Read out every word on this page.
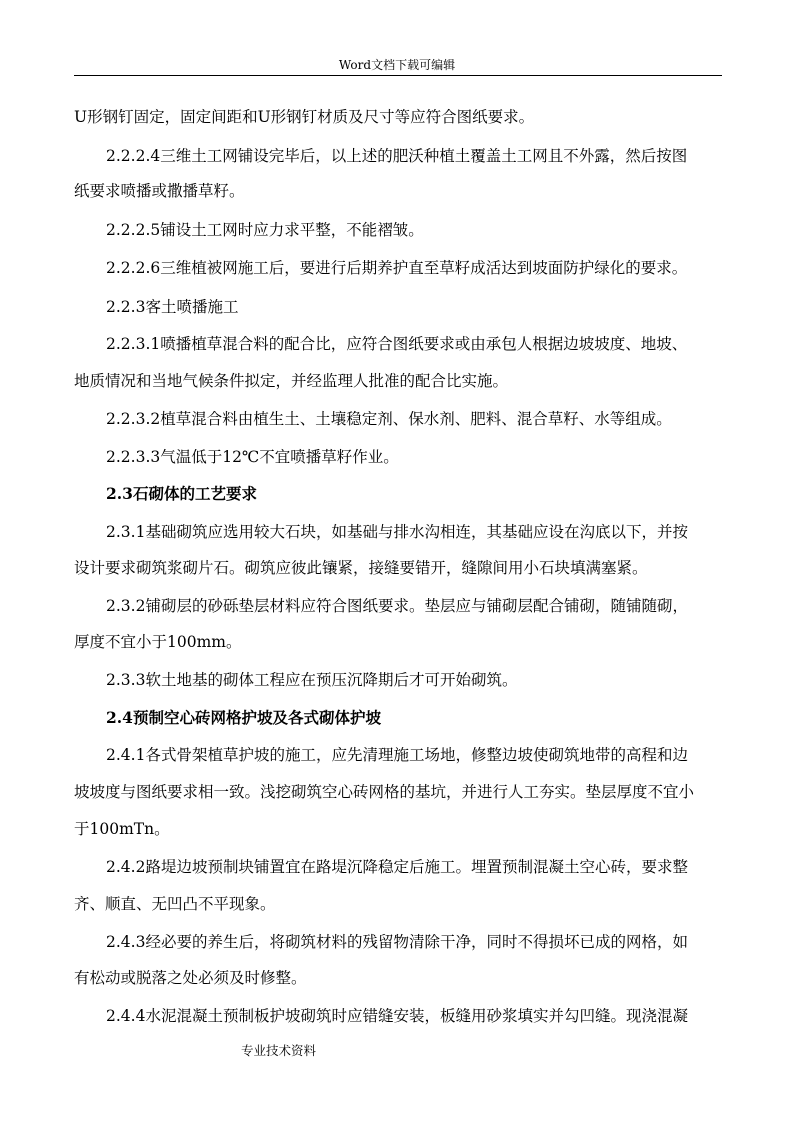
Word文档下载可编辑
U形钢钉固定，固定间距和U形钢钉材质及尺寸等应符合图纸要求。
2.2.2.4三维土工网铺设完毕后，以上述的肥沃种植土覆盖土工网且不外露，然后按图
纸要求喷播或撒播草籽。
2.2.2.5铺设土工网时应力求平整，不能褶皱。
2.2.2.6三维植被网施工后，要进行后期养护直至草籽成活达到坡面防护绿化的要求。
2.2.3客土喷播施工
2.2.3.1喷播植草混合料的配合比，应符合图纸要求或由承包人根据边坡坡度、地坡、
地质情况和当地气候条件拟定，并经监理人批准的配合比实施。
2.2.3.2植草混合料由植生土、土壤稳定剂、保水剂、肥料、混合草籽、水等组成。
2.2.3.3气温低于12℃不宜喷播草籽作业。
2.3石砌体的工艺要求
2.3.1基础砌筑应选用较大石块，如基础与排水沟相连，其基础应设在沟底以下，并按
设计要求砌筑浆砌片石。砌筑应彼此镶紧，接缝要错开，缝隙间用小石块填满塞紧。
2.3.2铺砌层的砂砾垫层材料应符合图纸要求。垫层应与铺砌层配合铺砌，随铺随砌，
厚度不宜小于100mm。
2.3.3软土地基的砌体工程应在预压沉降期后才可开始砌筑。
2.4预制空心砖网格护坡及各式砌体护坡
2.4.1各式骨架植草护坡的施工，应先清理施工场地，修整边坡使砌筑地带的高程和边
坡坡度与图纸要求相一致。浅挖砌筑空心砖网格的基坑，并进行人工夯实。垫层厚度不宜小
于100mTn。
2.4.2路堤边坡预制块铺置宜在路堤沉降稳定后施工。埋置预制混凝土空心砖，要求整
齐、顺直、无凹凸不平现象。
2.4.3经必要的养生后，将砌筑材料的残留物清除干净，同时不得损坏已成的网格，如
有松动或脱落之处必须及时修整。
2.4.4水泥混凝土预制板护坡砌筑时应错缝安装，板缝用砂浆填实并勾凹缝。现浇混凝
专业技术资料
